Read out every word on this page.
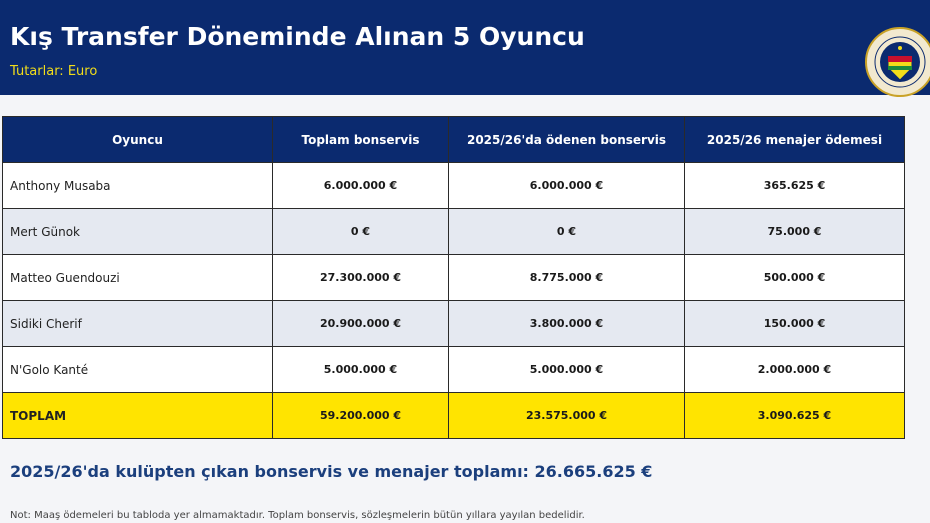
Kış Transfer Döneminde Alınan 5 Oyuncu
Tutarlar: Euro
Oyuncu	Toplam bonservis	2025/26'da ödenen bonservis	2025/26 menajer ödemesi
Anthony Musaba	6.000.000 €	6.000.000 €	365.625 €
Mert Günok	0 €	0 €	75.000 €
Matteo Guendouzi	27.300.000 €	8.775.000 €	500.000 €
Sidiki Cherif	20.900.000 €	3.800.000 €	150.000 €
N'Golo Kanté	5.000.000 €	5.000.000 €	2.000.000 €
TOPLAM	59.200.000 €	23.575.000 €	3.090.625 €
2025/26'da kulüpten çıkan bonservis ve menajer toplamı: 26.665.625 €
Not: Maaş ödemeleri bu tabloda yer almamaktadır. Toplam bonservis, sözleşmelerin bütün yıllara yayılan bedelidir.
